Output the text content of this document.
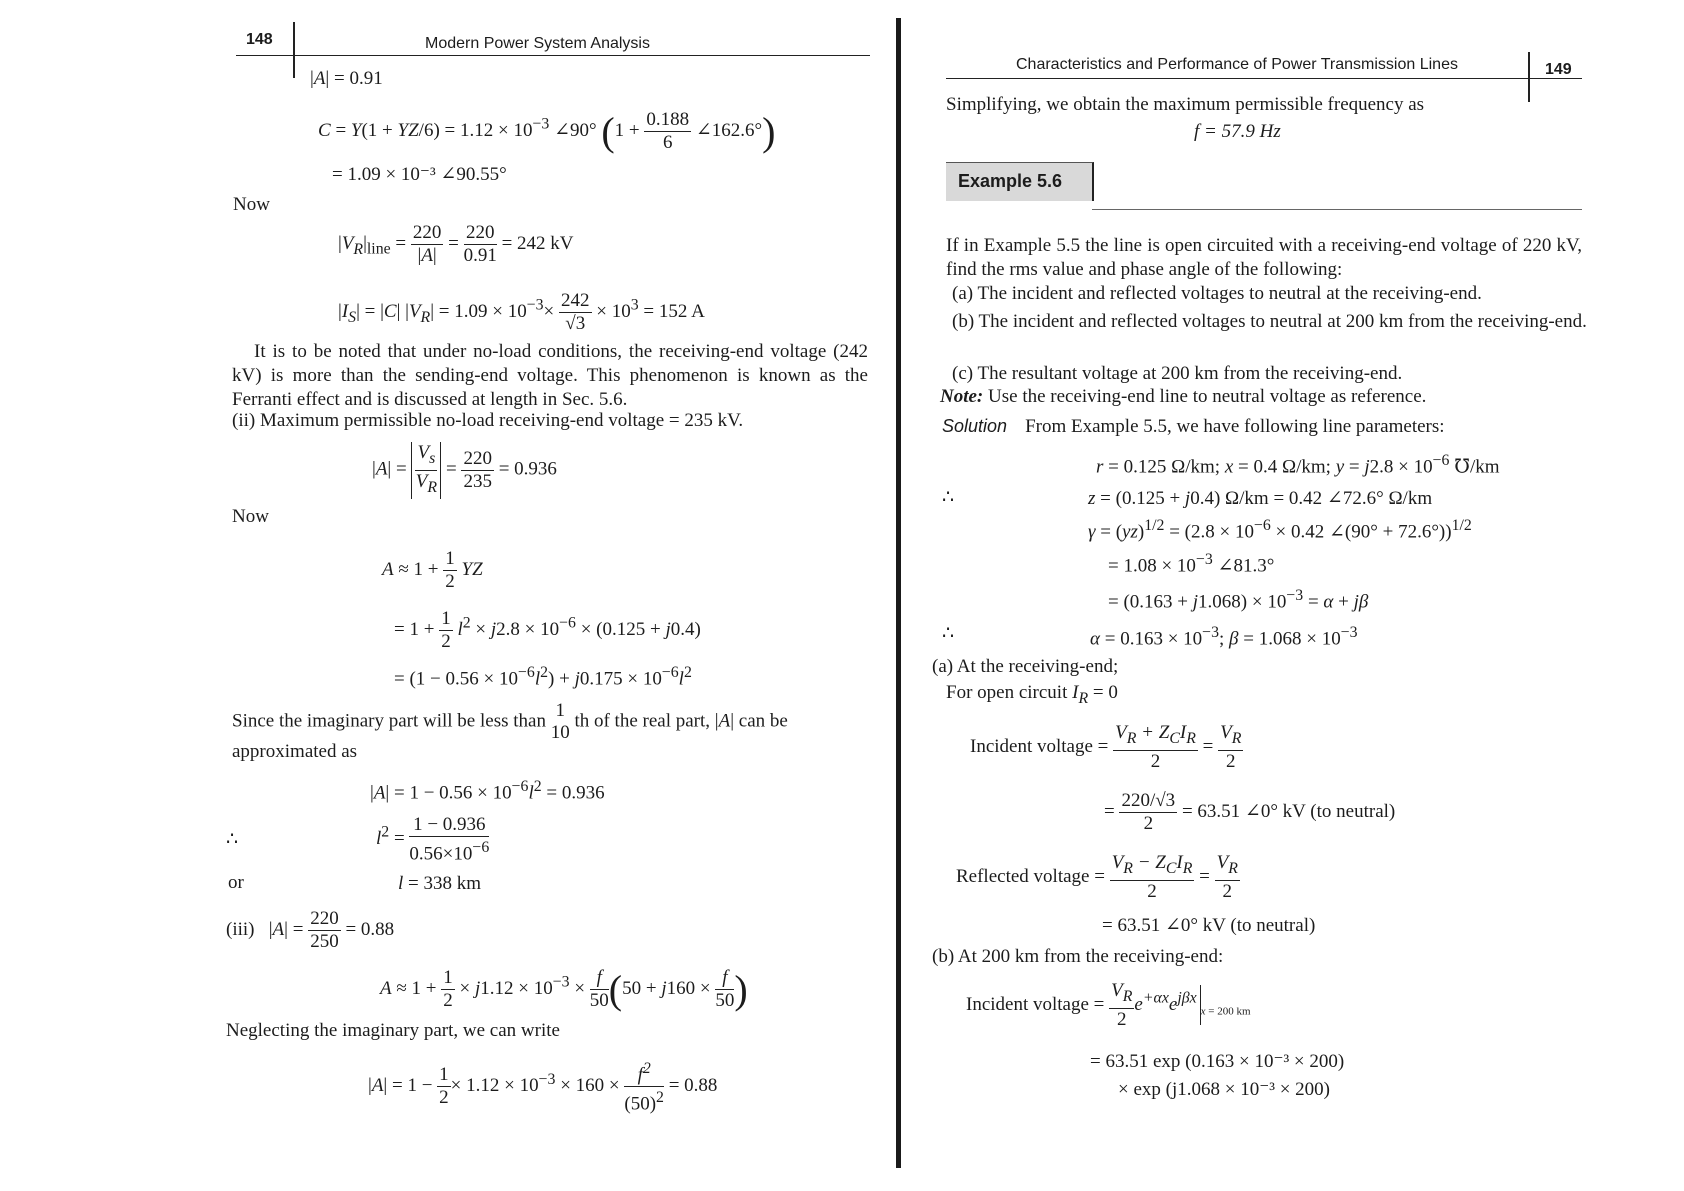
148	Modern Power System Analysis
|A| = 0.91
$C = Y(1 + YZ/6) = 1.12 \times 10^{-3}$ ∠90° ($1 + \frac{0.188}{6}$ ∠162.6°)
= 1.09 × 10⁻³ ∠90.55°
Now
$|V_R|_{line} = \frac{220}{|A|} = \frac{220}{0.91} = 242$ kV
$|I_S| = |C|$ $|V_R| = 1.09 \times 10^{-3}\times \frac{242}{√3} \times 10^3 = 152$ A
It is to be noted that under no-load conditions, the receiving-end voltage (242 kV) is more than the sending-end voltage. This phenomenon is known as the Ferranti effect and is discussed at length in Sec. 5.6.
(ii) Maximum permissible no-load receiving-end voltage = 235 kV.
$|A| = \frac{V_s}{V_R} = \frac{220}{235} = 0.936$
Now
$A \approx 1 + \frac{1}{2}$ YZ
= $1 + \frac{1}{2} l^2 \times j2.8 \times 10^{-6} \times (0.125 + j0.4)$
= $(1 - 0.56 \times 10^{-6}l^2) + j0.175 \times 10^{-6}l^2$
Since the imaginary part will be less than 1
10
th of the real part, |A| can be
approximated as
$|A| = 1 - 0.56 \times 10^{-6}l^2 = 0.936$
∴	$l^2 = \frac{1 - 0.936}{0.56\times 10^{-6}}$
or	l = 338 km
(iii)   $|A| = \frac{220}{250} = 0.88$
$A \approx 1 + \frac{1}{2} \times j1.12 \times 10^{-3} \times \frac{f}{50} (50 + j160 \times \frac{f}{50}$ )
Neglecting the imaginary part, we can write
$|A| = 1 - \frac{1}{2} \times 1.12 \times 10^{-3} \times 160 \times \frac{f^2}{(50)^2} = 0.88$
Characteristics and Performance of Power Transmission Lines	149
Simplifying, we obtain the maximum permissible frequency as
f = 57.9 Hz
Example 5.6
If in Example 5.5 the line is open circuited with a receiving-end voltage of 220 kV, find the rms value and phase angle of the following:
(a) The incident and reflected voltages to neutral at the receiving-end.
(b) The incident and reflected voltages to neutral at 200 km from the receiving-end.
(c) The resultant voltage at 200 km from the receiving-end.
Note: Use the receiving-end line to neutral voltage as reference.
Solution From Example 5.5, we have following line parameters:
r = 0.125 Ω/km; x = 0.4 Ω/km; $y = j2.8 \times 10^{-6}$ ℧/km
∴	z = (0.125 + j0.4) Ω/km = 0.42 ∠72.6° Ω/km
$\gamma = (yz)^{1/2} = (2.8 \times 10^{-6} \times 0.42$ ∠(90° + 72.6°))$^{1/2}$
= $1.08 \times 10^{-3}$ ∠81.3°
= $(0.163 + j1.068) \times 10^{-3} = \alpha + j\beta$
∴	$\alpha = 0.163 \times 10^{-3}$; $\beta = 1.068 \times 10^{-3}$
(a) At the receiving-end;
For open circuit $I_R = 0$
Incident voltage = $\frac{V_R + Z_CI_R}{2} = \frac{V_R}{2}$
= $\frac{220/√3}{2} = 63.51$ ∠0° kV (to neutral)
Reflected voltage = $\frac{V_R - Z_CI_R}{2} = \frac{V_R}{2}$
= 63.51 ∠0° kV (to neutral)
(b) At 200 km from the receiving-end:
Incident voltage = $\frac{V_R}{2} e^{+\alpha x}e^{j\beta x}_{x = 200 km}$
= 63.51 exp (0.163 × 10⁻³ × 200)
× exp (j1.068 × 10⁻³ × 200)
